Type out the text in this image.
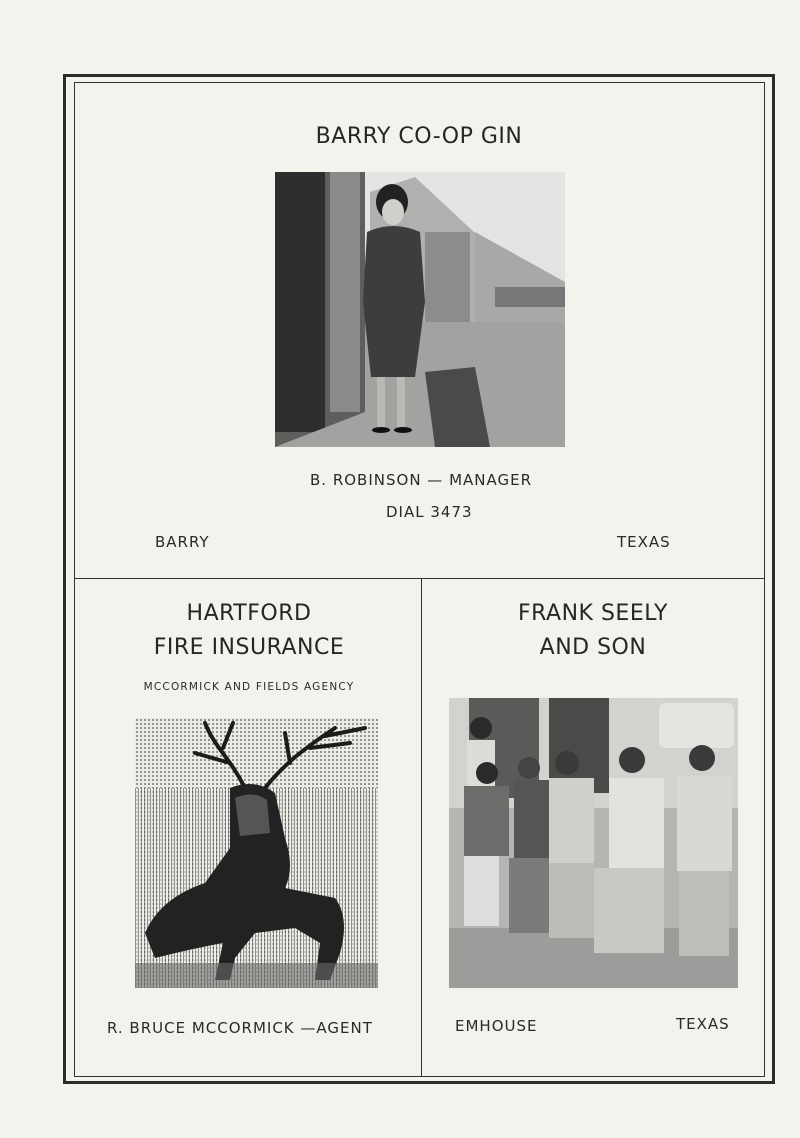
BARRY CO-OP GIN
B. ROBINSON — MANAGER
DIAL 3473
BARRY	TEXAS
HARTFORD
FIRE INSURANCE
MCCORMICK AND FIELDS AGENCY
R. BRUCE MCCORMICK —AGENT
FRANK SEELY
AND SON
EMHOUSE	TEXAS
